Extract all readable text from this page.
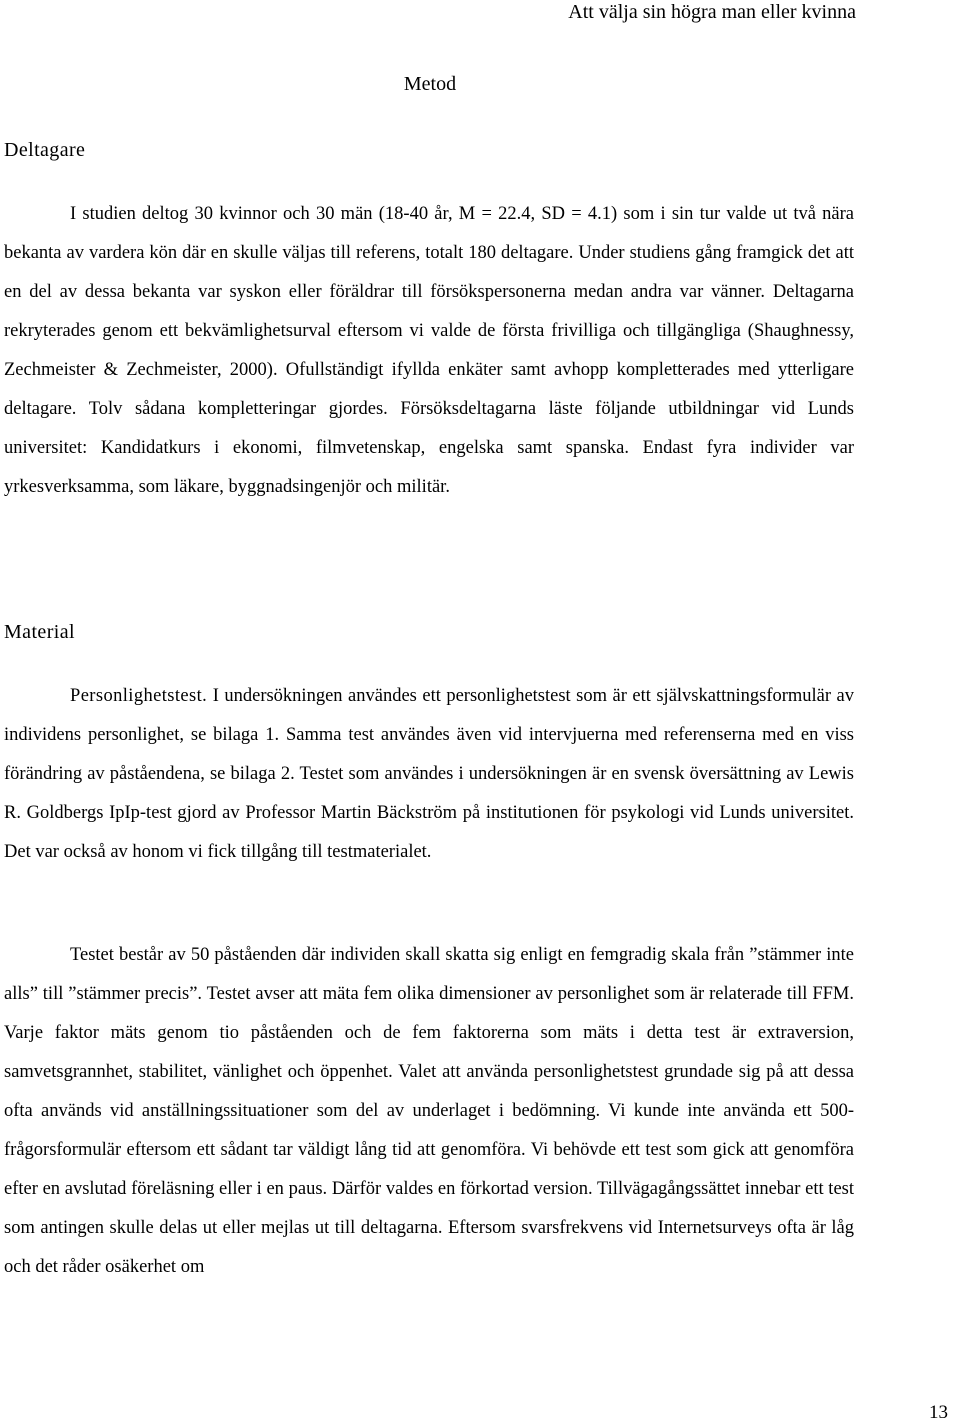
Att välja sin högra man eller kvinna
Metod
Deltagare
I studien deltog 30 kvinnor och 30 män (18-40 år, M = 22.4, SD = 4.1) som i sin tur valde ut två nära bekanta av vardera kön där en skulle väljas till referens, totalt 180 deltagare. Under studiens gång framgick det att en del av dessa bekanta var syskon eller föräldrar till försökspersonerna medan andra var vänner. Deltagarna rekryterades genom ett bekvämlighetsurval eftersom vi valde de första frivilliga och tillgängliga (Shaughnessy, Zechmeister & Zechmeister, 2000). Ofullständigt ifyllda enkäter samt avhopp kompletterades med ytterligare deltagare. Tolv sådana kompletteringar gjordes. Försöksdeltagarna läste följande utbildningar vid Lunds universitet: Kandidatkurs i ekonomi, filmvetenskap, engelska samt spanska. Endast fyra individer var yrkesverksamma, som läkare, byggnadsingenjör och militär.
Material
Personlighetstest. I undersökningen användes ett personlighetstest som är ett självskattningsformulär av individens personlighet, se bilaga 1. Samma test användes även vid intervjuerna med referenserna med en viss förändring av påståendena, se bilaga 2. Testet som användes i undersökningen är en svensk översättning av Lewis R. Goldbergs IpIp-test gjord av Professor Martin Bäckström på institutionen för psykologi vid Lunds universitet. Det var också av honom vi fick tillgång till testmaterialet.
Testet består av 50 påståenden där individen skall skatta sig enligt en femgradig skala från ”stämmer inte alls” till ”stämmer precis”. Testet avser att mäta fem olika dimensioner av personlighet som är relaterade till FFM. Varje faktor mäts genom tio påståenden och de fem faktorerna som mäts i detta test är extraversion, samvetsgrannhet, stabilitet, vänlighet och öppenhet. Valet att använda personlighetstest grundade sig på att dessa ofta används vid anställningssituationer som del av underlaget i bedömning. Vi kunde inte använda ett 500-frågorsformulär eftersom ett sådant tar väldigt lång tid att genomföra. Vi behövde ett test som gick att genomföra efter en avslutad föreläsning eller i en paus. Därför valdes en förkortad version. Tillvägagångssättet innebar ett test som antingen skulle delas ut eller mejlas ut till deltagarna. Eftersom svarsfrekvens vid Internetsurveys ofta är låg och det råder osäkerhet om
13
